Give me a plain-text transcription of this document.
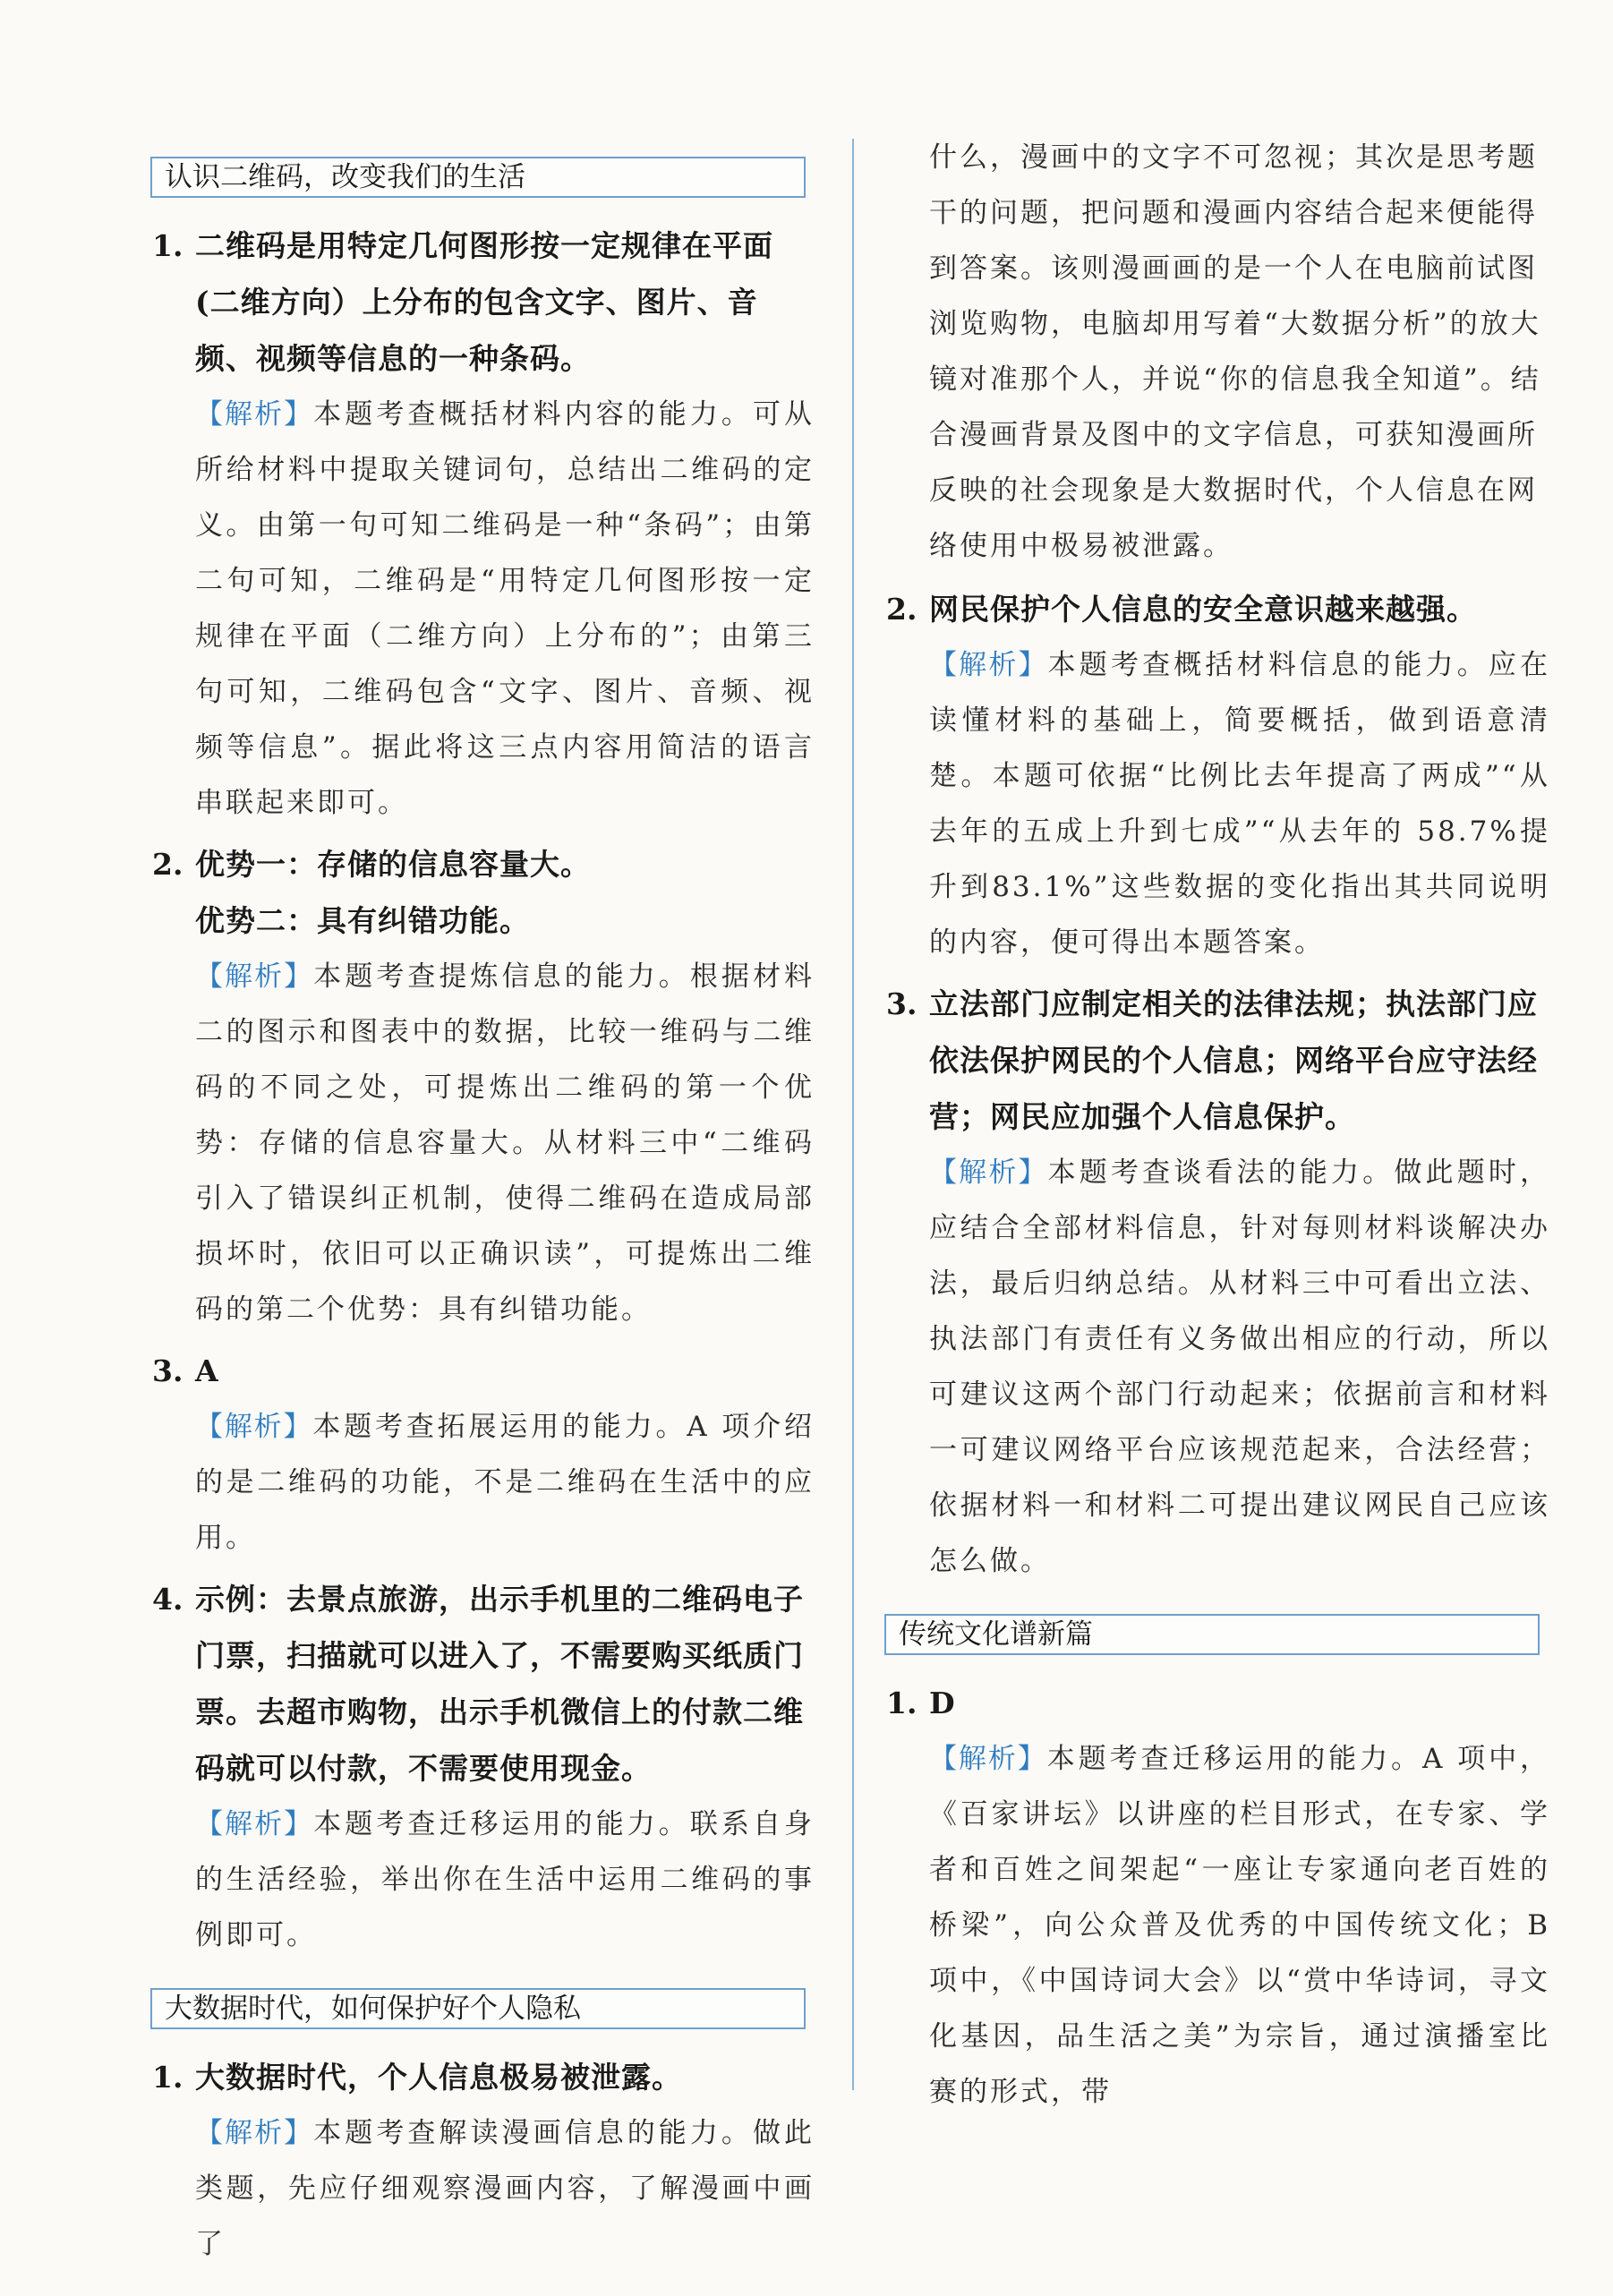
认识二维码，改变我们的生活
1. 二维码是用特定几何图形按一定规律在平面(二维方向）上分布的包含文字、图片、音频、视频等信息的一种条码。
【解析】本题考查概括材料内容的能力。可从所给材料中提取关键词句，总结出二维码的定义。由第一句可知二维码是一种“条码”；由第二句可知，二维码是“用特定几何图形按一定规律在平面（二维方向）上分布的”；由第三句可知，二维码包含“文字、图片、音频、视频等信息”。据此将这三点内容用简洁的语言串联起来即可。
2. 优势一：存储的信息容量大。
优势二：具有纠错功能。
【解析】本题考查提炼信息的能力。根据材料二的图示和图表中的数据，比较一维码与二维码的不同之处，可提炼出二维码的第一个优势：存储的信息容量大。从材料三中“二维码引入了错误纠正机制，使得二维码在造成局部损坏时，依旧可以正确识读”，可提炼出二维码的第二个优势：具有纠错功能。
3. A
【解析】本题考查拓展运用的能力。A 项介绍的是二维码的功能，不是二维码在生活中的应用。
4. 示例：去景点旅游，出示手机里的二维码电子门票，扫描就可以进入了，不需要购买纸质门票。去超市购物，出示手机微信上的付款二维码就可以付款，不需要使用现金。
【解析】本题考查迁移运用的能力。联系自身的生活经验，举出你在生活中运用二维码的事例即可。
大数据时代，如何保护好个人隐私
1. 大数据时代，个人信息极易被泄露。
【解析】本题考查解读漫画信息的能力。做此类题，先应仔细观察漫画内容，了解漫画中画了
什么，漫画中的文字不可忽视；其次是思考题干的问题，把问题和漫画内容结合起来便能得到答案。该则漫画画的是一个人在电脑前试图浏览购物，电脑却用写着“大数据分析”的放大镜对准那个人，并说“你的信息我全知道”。结合漫画背景及图中的文字信息，可获知漫画所反映的社会现象是大数据时代，个人信息在网络使用中极易被泄露。
2. 网民保护个人信息的安全意识越来越强。
【解析】本题考查概括材料信息的能力。应在读懂材料的基础上，简要概括，做到语意清楚。本题可依据“比例比去年提高了两成”“从去年的五成上升到七成”“从去年的 58.7%提升到83.1%”这些数据的变化指出其共同说明的内容，便可得出本题答案。
3. 立法部门应制定相关的法律法规；执法部门应依法保护网民的个人信息；网络平台应守法经营；网民应加强个人信息保护。
【解析】本题考查谈看法的能力。做此题时，应结合全部材料信息，针对每则材料谈解决办法，最后归纳总结。从材料三中可看出立法、执法部门有责任有义务做出相应的行动，所以可建议这两个部门行动起来；依据前言和材料一可建议网络平台应该规范起来，合法经营；依据材料一和材料二可提出建议网民自己应该怎么做。
传统文化谱新篇
1. D
【解析】本题考查迁移运用的能力。A 项中，《百家讲坛》以讲座的栏目形式，在专家、学者和百姓之间架起“一座让专家通向老百姓的桥梁”，向公众普及优秀的中国传统文化；B 项中，《中国诗词大会》以“赏中华诗词，寻文化基因，品生活之美”为宗旨，通过演播室比赛的形式，带
